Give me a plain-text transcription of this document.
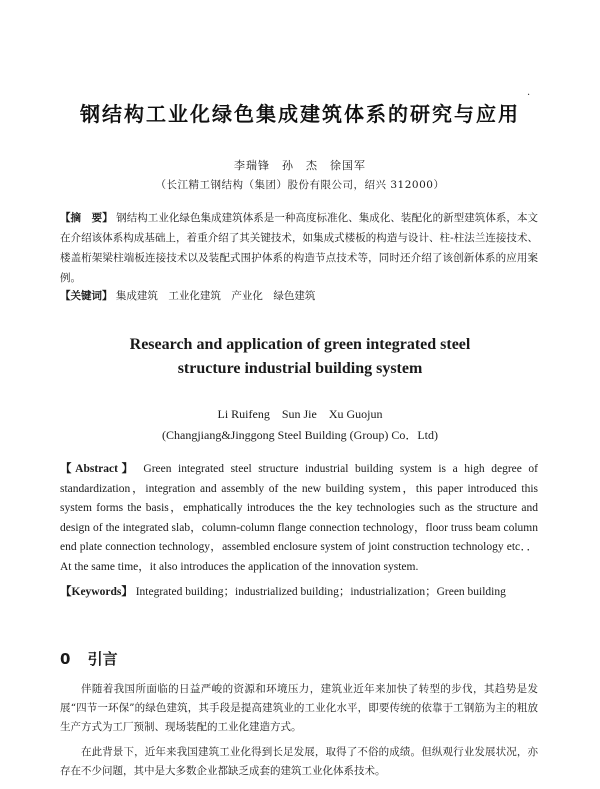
·
钢结构工业化绿色集成建筑体系的研究与应用
李瑞锋　孙　杰　徐国军
（长江精工钢结构（集团）股份有限公司，绍兴 312000）
【摘　要】 钢结构工业化绿色集成建筑体系是一种高度标准化、集成化、装配化的新型建筑体系，本文在介绍该体系构成基础上，着重介绍了其关键技术，如集成式楼板的构造与设计、柱-柱法兰连接技术、楼盖桁架梁柱端板连接技术以及装配式围护体系的构造节点技术等，同时还介绍了该创新体系的应用案例。
【关键词】 集成建筑　工业化建筑　产业化　绿色建筑
Research and application of green integrated steel
structure industrial building system
Li Ruifeng　Sun Jie　Xu Guojun
(Changjiang&Jinggong Steel Building (Group) Co．Ltd)
【Abstract】 Green integrated steel structure industrial building system is a high degree of standardization，integration and assembly of the new building system，this paper introduced this system forms the basis，emphatically introduces the the key technologies such as the structure and design of the integrated slab，column-column flange connection technology，floor truss beam column end plate connection technology，assembled enclosure system of joint construction technology etc．．At the same time，it also introduces the application of the innovation system.
【Keywords】 Integrated building；industrialized building；industrialization；Green building
0 引言
伴随着我国所面临的日益严峻的资源和环境压力，建筑业近年来加快了转型的步伐，其趋势是发展“四节一环保”的绿色建筑，其手段是提高建筑业的工业化水平，即要传统的依靠于工钢筋为主的粗放生产方式为工厂预制、现场装配的工业化建造方式。
在此背景下，近年来我国建筑工业化得到长足发展，取得了不俗的成绩。但纵观行业发展状况，亦存在不少问题，其中是大多数企业都缺乏成套的建筑工业化体系技术。
